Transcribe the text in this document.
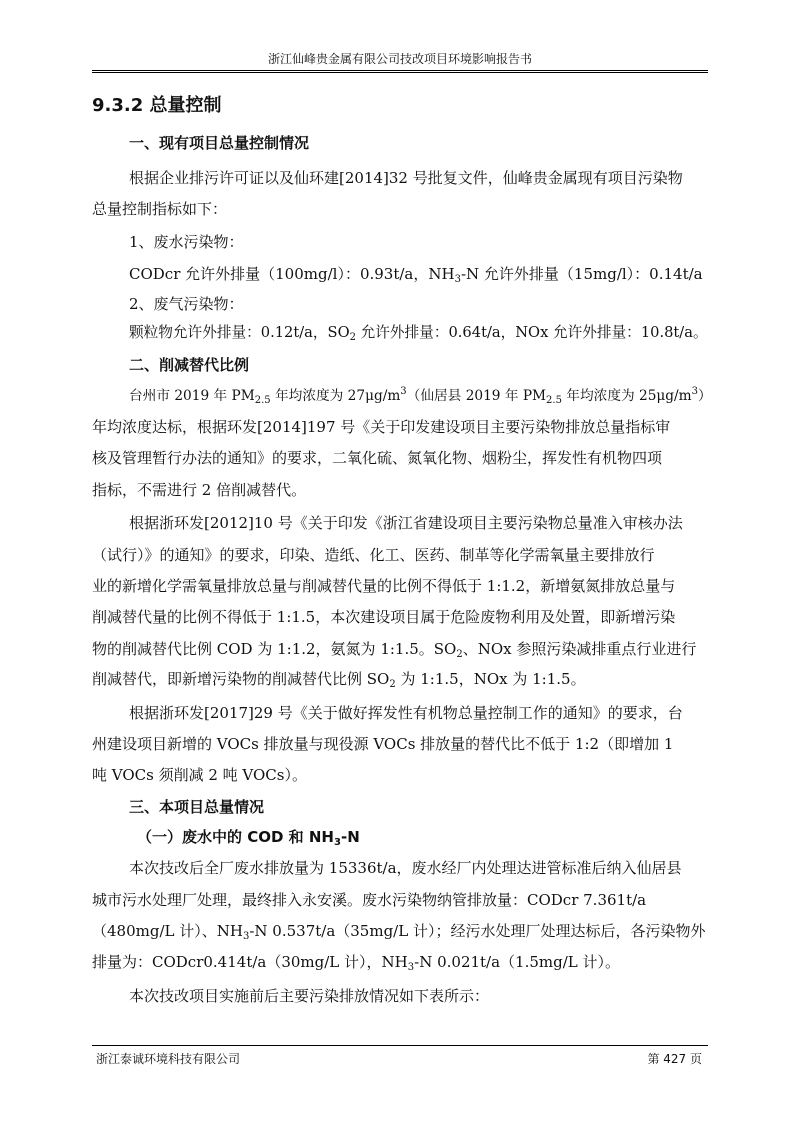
浙江仙峰贵金属有限公司技改项目环境影响报告书
9.3.2 总量控制
一、现有项目总量控制情况
根据企业排污许可证以及仙环建[2014]32 号批复文件，仙峰贵金属现有项目污染物
总量控制指标如下：
1、废水污染物：
CODcr 允许外排量（100mg/l）：0.93t/a，$NH_3-N$ 允许外排量（15mg/l）：0.14t/a
2、废气污染物：
颗粒物允许外排量：0.12t/a，$SO_2$ 允许外排量：0.64t/a，NOx 允许外排量：10.8t/a。
二、削减替代比例
台州市 2019 年 $PM_{2.5}$ 年均浓度为 $27\mu g/m^3$（仙居县 2019 年 $PM_{2.5}$ 年均浓度为 $25\mu g/m^3$）
年均浓度达标，根据环发[2014]197 号《关于印发建设项目主要污染物排放总量指标审
核及管理暂行办法的通知》的要求，二氧化硫、氮氧化物、烟粉尘，挥发性有机物四项
指标，不需进行 2 倍削减替代。
根据浙环发[2012]10 号《关于印发《浙江省建设项目主要污染物总量准入审核办法
（试行）》的通知》的要求，印染、造纸、化工、医药、制革等化学需氧量主要排放行
业的新增化学需氧量排放总量与削减替代量的比例不得低于 1:1.2，新增氨氮排放总量与
削减替代量的比例不得低于 1:1.5，本次建设项目属于危险废物利用及处置，即新增污染
物的削减替代比例 COD 为 1:1.2，氨氮为 1:1.5。$SO_2$、NOx 参照污染减排重点行业进行
削减替代，即新增污染物的削减替代比例 $SO_2$ 为 1:1.5，NOx 为 1:1.5。
根据浙环发[2017]29 号《关于做好挥发性有机物总量控制工作的通知》的要求，台
州建设项目新增的 VOCs 排放量与现役源 VOCs 排放量的替代比不低于 1:2（即增加 1
吨 VOCs 须削减 2 吨 VOCs）。
三、本项目总量情况
（一）废水中的 COD 和 $NH_3-N$
本次技改后全厂废水排放量为 15336t/a，废水经厂内处理达进管标准后纳入仙居县
城市污水处理厂处理，最终排入永安溪。废水污染物纳管排放量：CODcr 7.361t/a
（480mg/L 计）、$NH_3-N$ 0.537t/a（35mg/L 计）；经污水处理厂处理达标后，各污染物外
排量为：CODcr0.414t/a（30mg/L 计），$NH_3-N$ 0.021t/a（1.5mg/L 计）。
本次技改项目实施前后主要污染排放情况如下表所示：
浙江泰诚环境科技有限公司	第 427 页
